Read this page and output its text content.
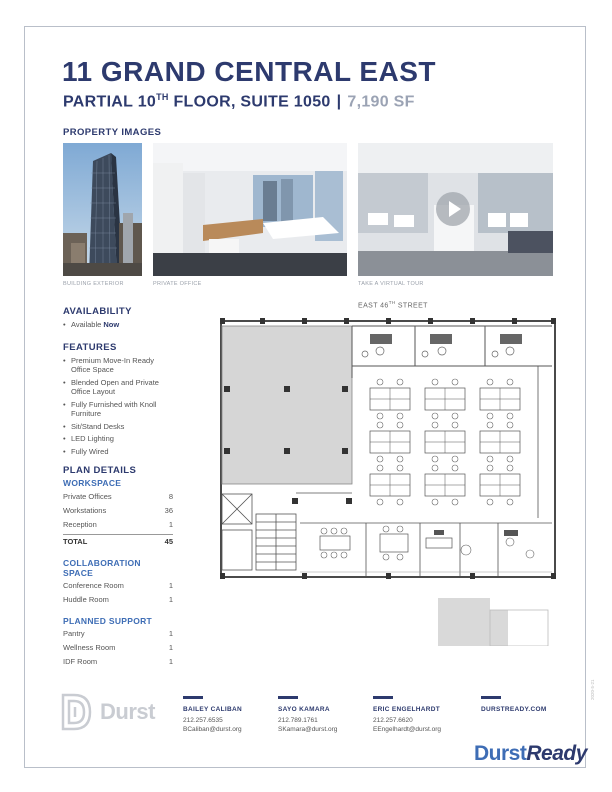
11 GRAND CENTRAL EAST
PARTIAL 10TH FLOOR, SUITE 1050 | 7,190 SF
PROPERTY IMAGES
BUILDING EXTERIOR	PRIVATE OFFICE	TAKE A VIRTUAL TOUR
EAST 46TH STREET
AVAILABILITY
• Available Now
FEATURES
• Premium Move-In Ready Office Space
• Blended Open and Private Office Layout
• Fully Furnished with Knoll Furniture
• Sit/Stand Desks
• LED Lighting
• Fully Wired
PLAN DETAILS
WORKSPACE
Private Offices	8
Workstations	36
Reception	1
TOTAL	45
COLLABORATION SPACE
Conference Room	1
Huddle Room	1
PLANNED SUPPORT
Pantry	1
Wellness Room	1
IDF Room	1
Durst	BAILEY CALIBAN
212.257.6535
BCaliban@durst.org
SAYO KAMARA
212.789.1761
SKamara@durst.org
ERIC ENGELHARDT
212.257.6620
EEngelhardt@durst.org
DURSTREADY.COM
DurstReady
2020-5-21
